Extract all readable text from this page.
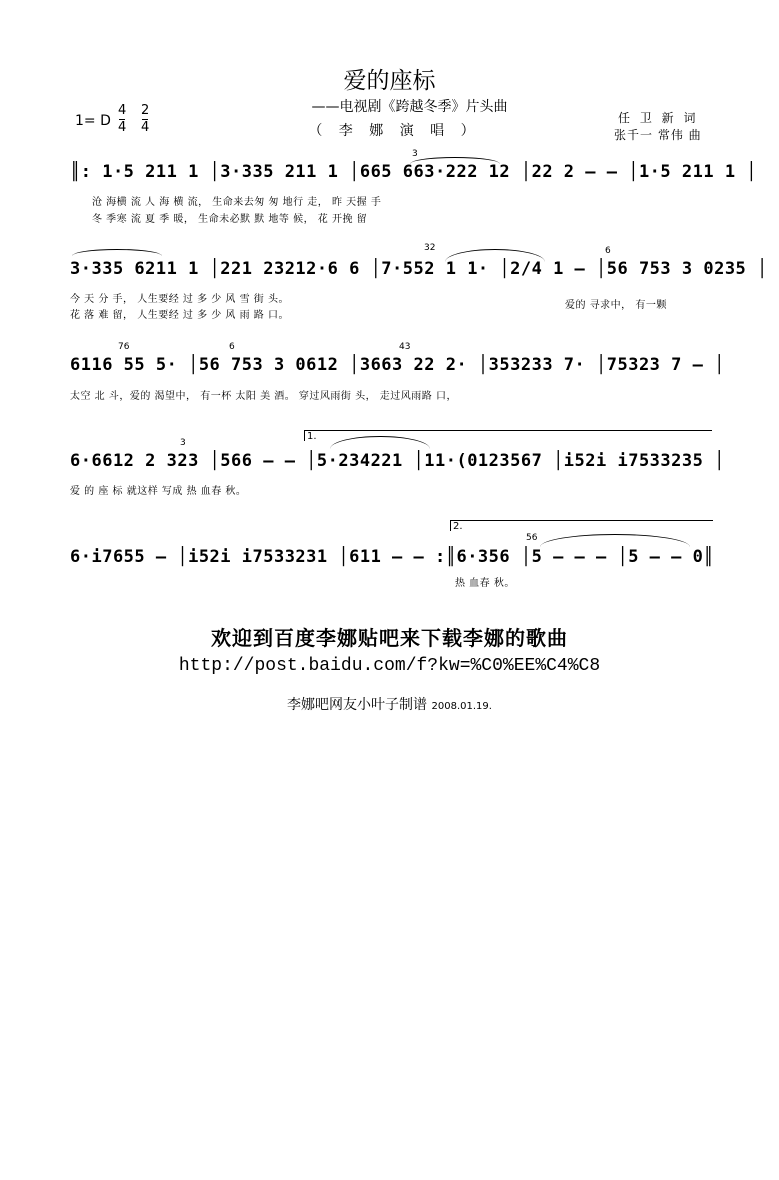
爱的座标
——电视剧《跨越冬季》片头曲
（ 李 娜 演 唱 ）
1= D
4
4
2
4
任 卫 新 词
张千一 常伟 曲
3
║: 1·5 211 1 │3·335 211 1 │665 663·222 12 │22 2 – – │1·5 211 1 │
沧 海横 流 人 海 横 流， 生命来去匆 匆 地行 走， 昨 天握 手
冬 季寒 流 夏 季 暖， 生命未必默 默 地等 候， 花 开挽 留
32	6
3·335 6211 1 │221 23212·6 6 │7·552 1 1· │2/4 1 – │56 753 3 0235 │
今 天 分 手， 人生要经 过 多 少 风 雪 街 头。
花 落 难 留， 人生要经 过 多 少 风 雨 路 口。
爱的 寻求中， 有一颗
76	6	43
6116 55 5· │56 753 3 0612 │3663 22 2· │353233 7· │75323 7 – │
太空 北 斗，爱的 渴望中， 有一杯 太阳 美 酒。 穿过风雨街 头， 走过风雨路 口，
1.
3
6·6612 2 323 │566 – – │5·234221 │11·(0123567 │i52i i7533235 │
爱 的 座 标 就这样 写成 热 血春 秋。
2.
56
6·i7655 – │i52i i7533231 │611 – – :║6·356 │5 – – – │5 – – 0║
热 血春 秋。
欢迎到百度李娜贴吧来下载李娜的歌曲
http://post.baidu.com/f?kw=%C0%EE%C4%C8
李娜吧网友小叶子制谱 2008.01.19.
